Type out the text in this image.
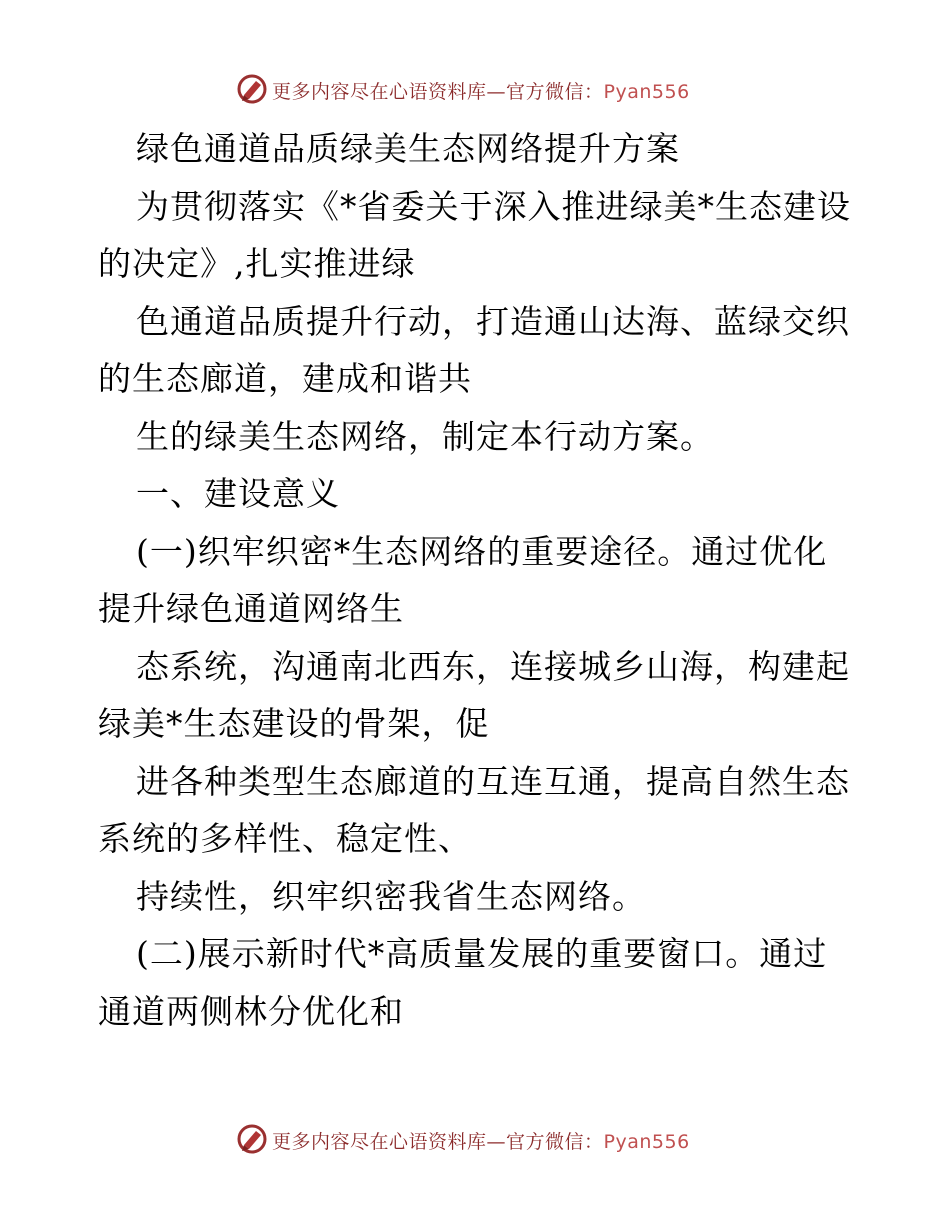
更多内容尽在心语资料库—官方微信：Pyan556
绿色通道品质绿美生态网络提升方案
为贯彻落实《*省委关于深入推进绿美*生态建设
的决定》,扎实推进绿
色通道品质提升行动，打造通山达海、蓝绿交织
的生态廊道，建成和谐共
生的绿美生态网络，制定本行动方案。
一、建设意义
(一)织牢织密*生态网络的重要途径。通过优化
提升绿色通道网络生
态系统，沟通南北西东，连接城乡山海，构建起
绿美*生态建设的骨架，促
进各种类型生态廊道的互连互通，提高自然生态
系统的多样性、稳定性、
持续性，织牢织密我省生态网络。
(二)展示新时代*高质量发展的重要窗口。通过
通道两侧林分优化和
更多内容尽在心语资料库—官方微信：Pyan556
